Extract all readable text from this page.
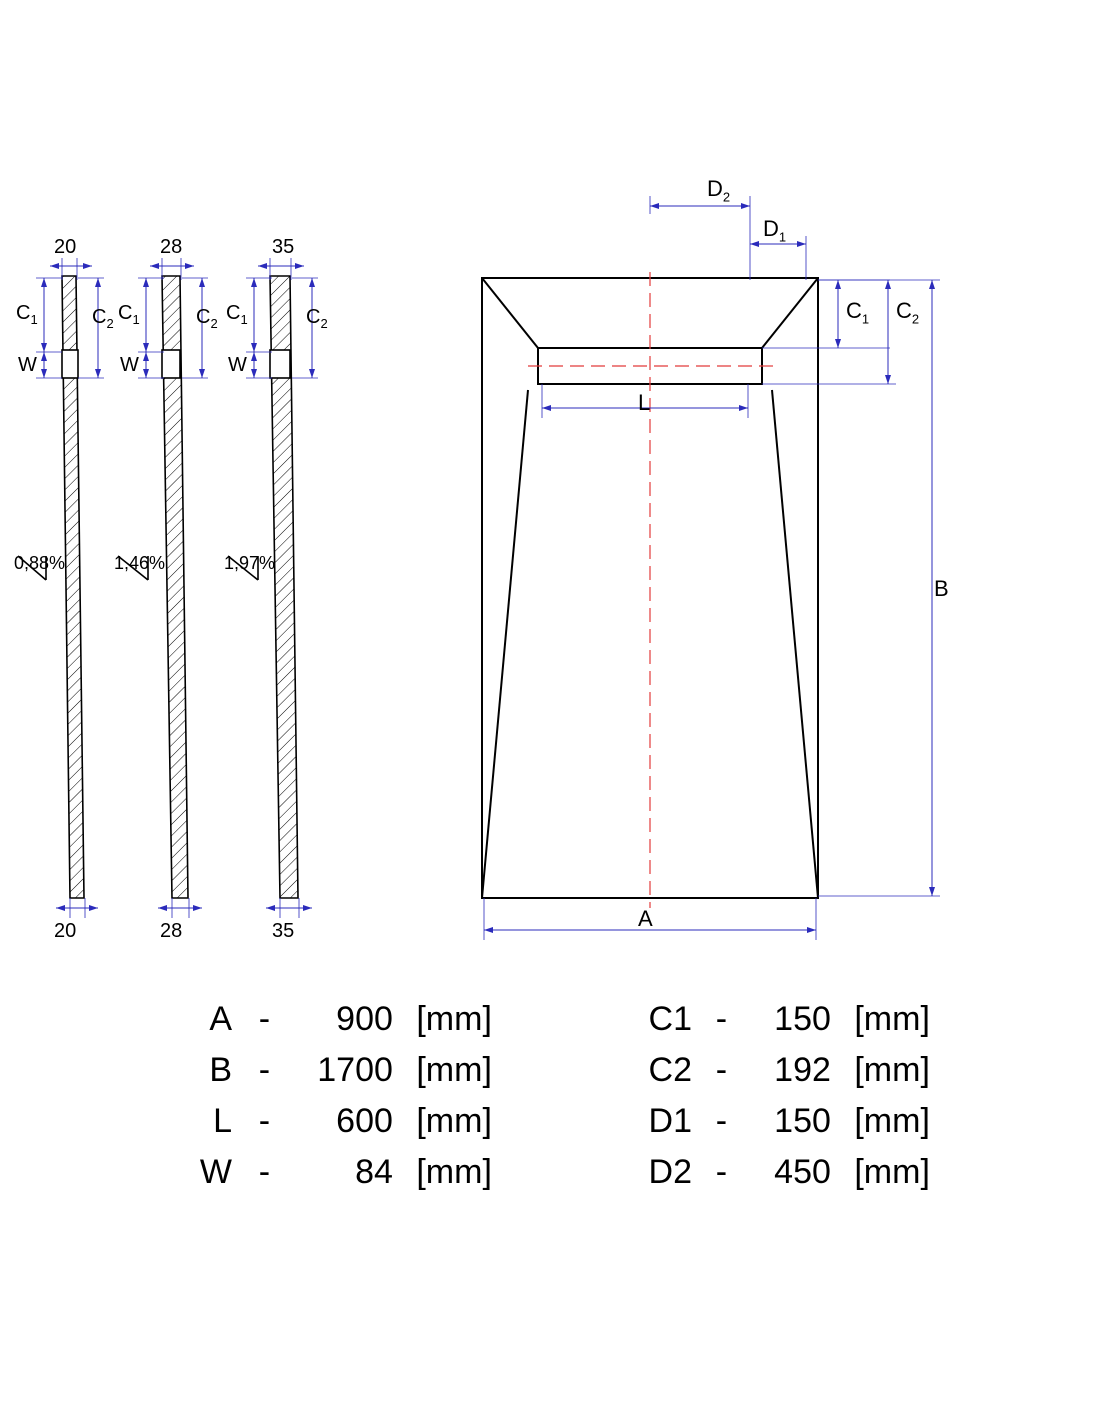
20
20
0,88%
$C_1$	$C_2$
W
28
28
1,46%
$C_1$	$C_2$
W
35
35
1,97%
$C_1$	$C_2$
W
$D_2$
$D_1$
$C_1$ $C_2$
L
B
A
A - 900 [mm]
B - 1700 [mm]
L - 600 [mm]
W - 84 [mm]
C1 - 150 [mm]
C2 - 192 [mm]
D1 - 150 [mm]
D2 - 450 [mm]
